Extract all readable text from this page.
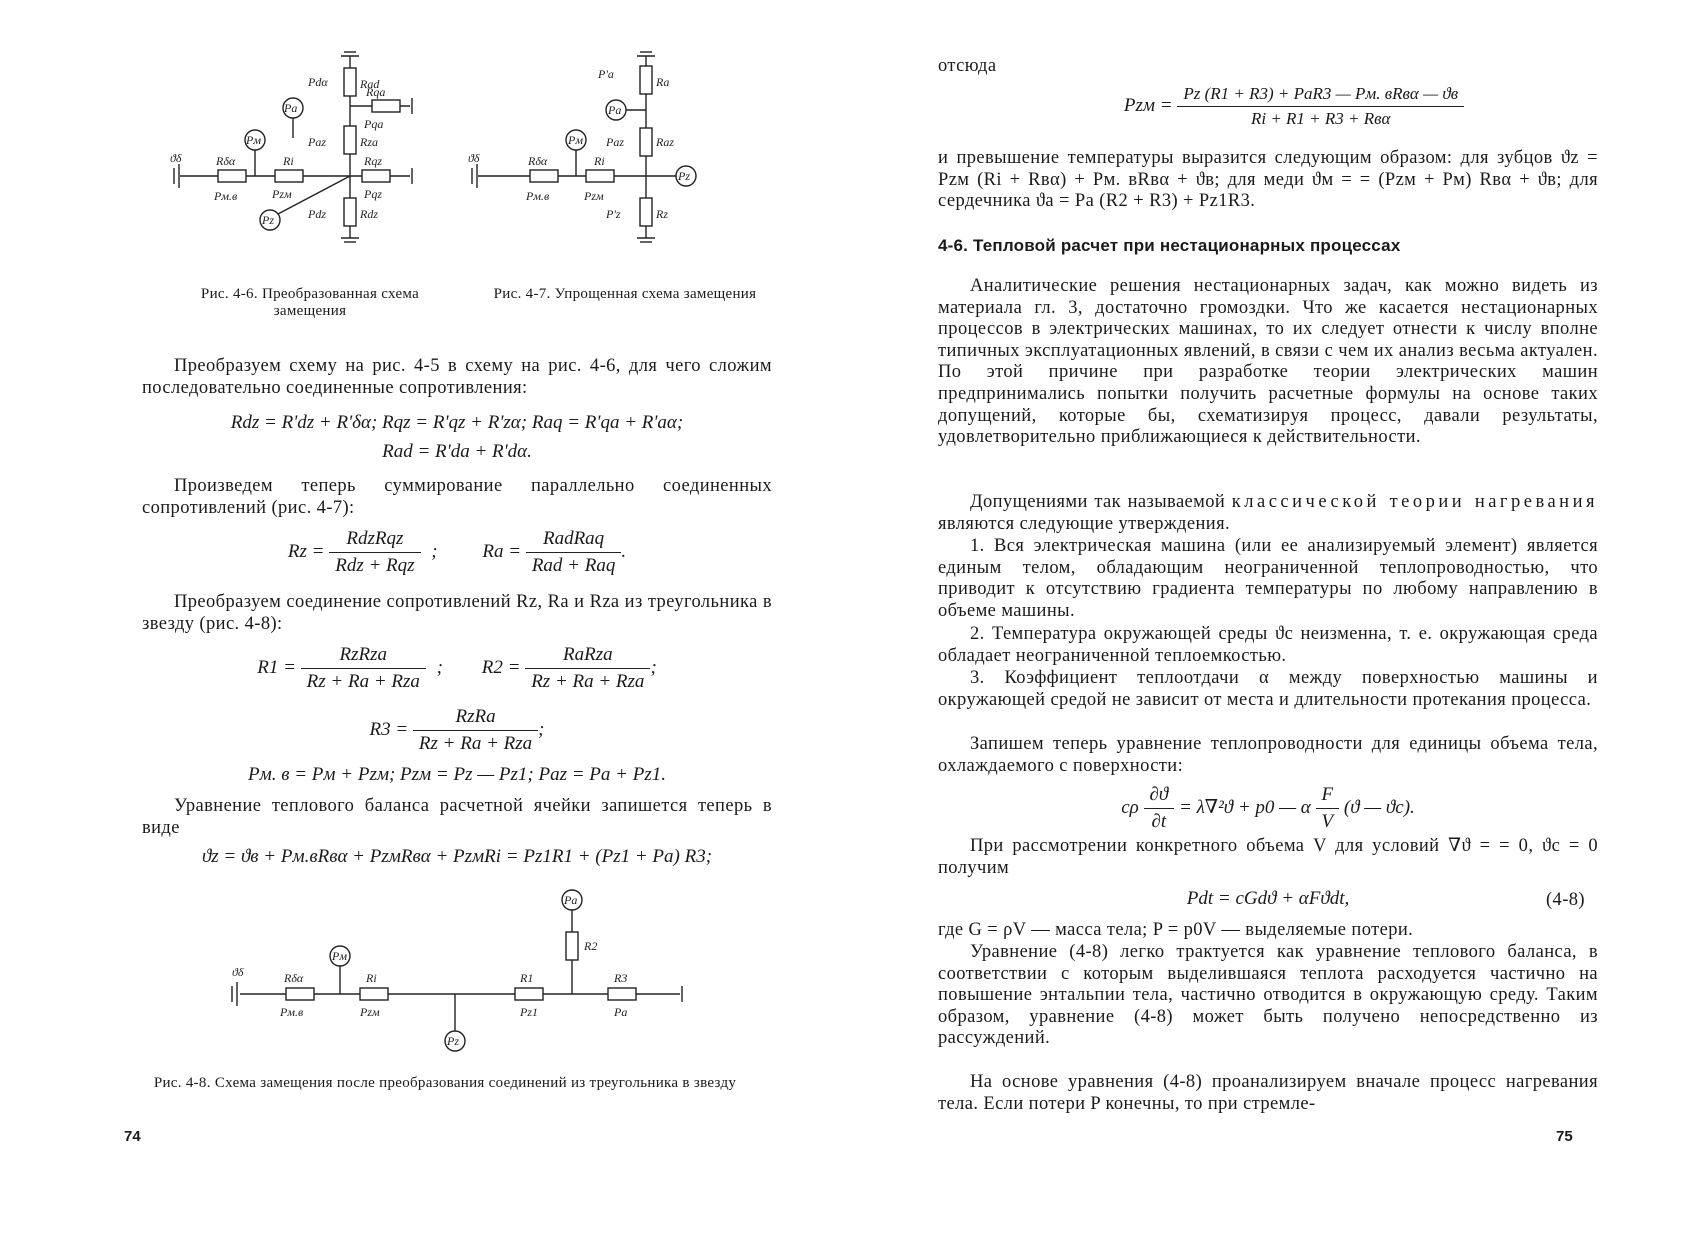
Pdα	Rad
Pa
Rqa
Pqa
Pм	Paz	Rza
ϑδ	Rδα	Ri	Rqz
Pм.в	Pzм	Pqz
Pdz	Rdz
Pz
P'a
Ra
Pa
Pм Paz	Raz
ϑδ	Rδα	Ri
Pz
Pм.в	Pzм
P'z	Rz
Рис. 4-6. Преобразованная схема замещения
Рис. 4-7. Упрощенная схема замещения
Преобразуем схему на рис. 4-5 в схему на рис. 4-6, для чего сложим последовательно соединенные сопротивления:
Rdz = R'dz + R'δα; Rqz = R'qz + R'zα; Raq = R'qa + R'aα;
Rad = R'da + R'dα.
Произведем теперь суммирование параллельно соединенных сопротивлений (рис. 4-7):
$Rz = \frac{\text{RdzRqz}}{\text{Rdz + Rqz}}$ ; $Ra = \frac{\text{RadRaq}}{\text{Rad + Raq}}$ .
Преобразуем соединение сопротивлений Rz, Ra и Rza из треугольника в звезду (рис. 4-8):
$R1 = \frac{\text{RzRza}}{\text{Rz + Ra + Rza}}$ ; $R2 = \frac{\text{RaRza}}{\text{Rz + Ra + Rza}}$ ;
$R3 = \frac{\text{RzRa}}{\text{Rz + Ra + Rza}}$ ;
Pм. в = Pм + Pzм; Pzм = Pz — Pz1; Paz = Pa + Pz1.
Уравнение теплового баланса расчетной ячейки запишется теперь в виде
ϑz = ϑв + Pм.вRвα + PzмRвα + PzмRi = Pz1R1 + (Pz1 + Pa) R3;
ϑδ	Rδα
Pм
Ri
Pм.в	Pzм
Pz
R1
Pz1
Pa
R2
R3
Pa
Рис. 4-8. Схема замещения после преобразования соединений из треугольника в звезду
74
отсюда
Pzм = $\frac{\text{Pz (R1 + R3) + PaR3 — Pм. вRвα — ϑв}}{\text{Ri + R1 + R3 + Rвα}}$
и превышение температуры выразится следующим образом: для зубцов ϑz = Pzм (Ri + Rвα) + Pм. вRвα + ϑв; для меди ϑм = = (Pzм + Pм) Rвα + ϑв; для сердечника ϑa = Pa (R2 + R3) + Pz1R3.
4-6. Тепловой расчет при нестационарных процессах
Аналитические решения нестационарных задач, как можно видеть из материала гл. 3, достаточно громоздки. Что же касается нестационарных процессов в электрических машинах, то их следует отнести к числу вполне типичных эксплуатационных явлений, в связи с чем их анализ весьма актуален. По этой причине при разработке теории электрических машин предпринимались попытки получить расчетные формулы на основе таких допущений, которые бы, схематизируя процесс, давали результаты, удовлетворительно приближающиеся к действительности.
Допущениями так называемой классической теории нагревания являются следующие утверждения.
1. Вся электрическая машина (или ее анализируемый элемент) является единым телом, обладающим неограниченной теплопроводностью, что приводит к отсутствию градиента температуры по любому направлению в объеме машины.
2. Температура окружающей среды ϑс неизменна, т. е. окружающая среда обладает неограниченной теплоемкостью.
3. Коэффициент теплоотдачи α между поверхностью машины и окружающей средой не зависит от места и длительности протекания процесса.
Запишем теперь уравнение теплопроводности для единицы объема тела, охлаждаемого с поверхности:
cρ $\frac{\partial ϑ}{\partial t} = \lambda\nabla^2ϑ + p0$ — α $\frac{F}{V} (ϑ$ — ϑc).
При рассмотрении конкретного объема V для условий ∇ϑ = = 0, ϑc = 0 получим
Pdt = cGdϑ + αFϑdt,	(4-8)
где G = ρV — масса тела; P = p0V — выделяемые потери.
Уравнение (4-8) легко трактуется как уравнение теплового баланса, в соответствии с которым выделившаяся теплота расходуется частично на повышение энтальпии тела, частично отводится в окружающую среду. Таким образом, уравнение (4-8) может быть получено непосредственно из рассуждений.
На основе уравнения (4-8) проанализируем вначале процесс нагревания тела. Если потери P конечны, то при стремле-
75
